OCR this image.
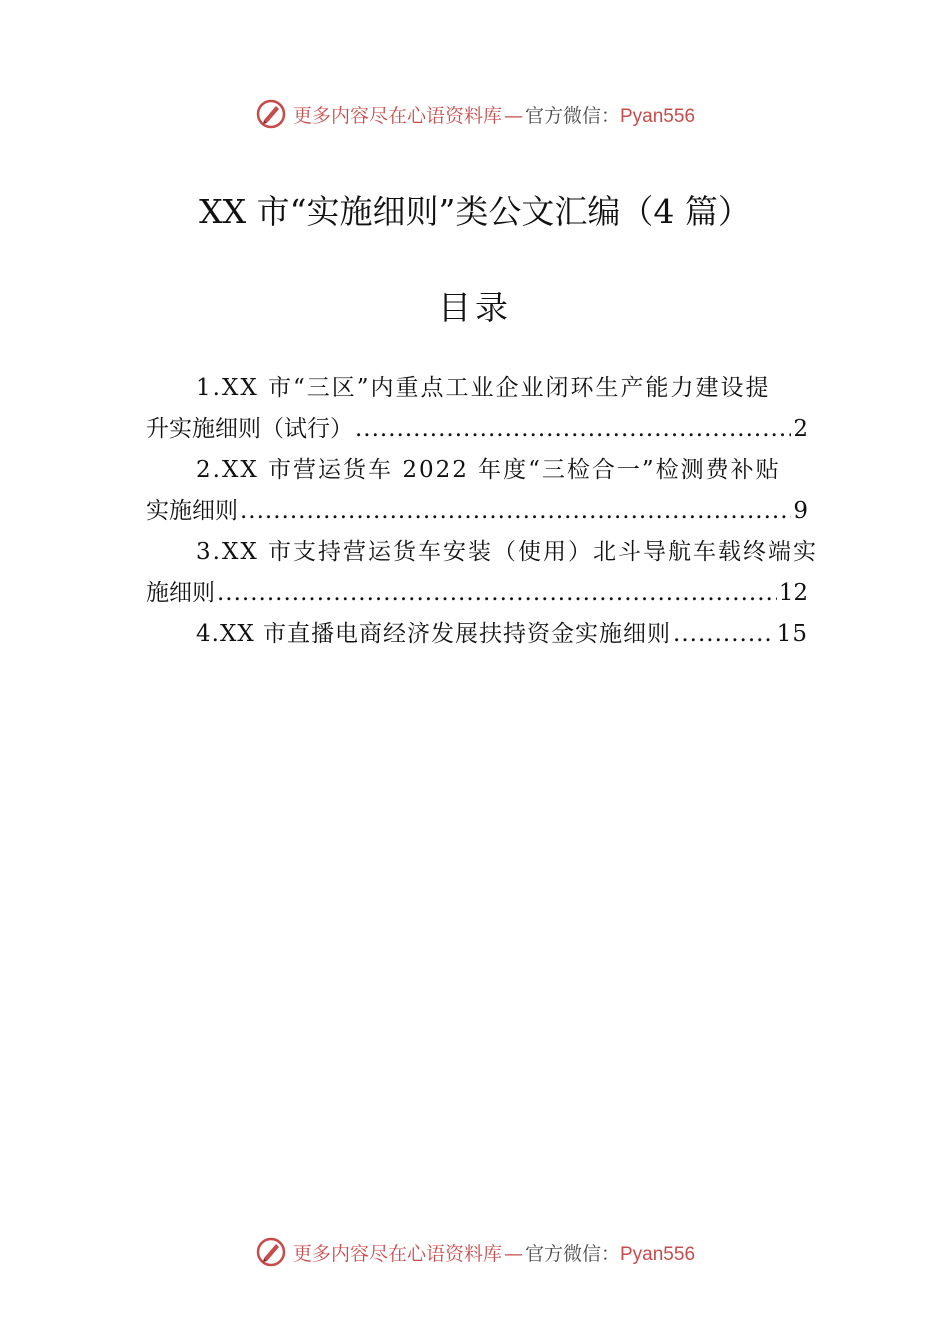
更多内容尽在心语资料库 — 官方微信：Pyan556
XX 市“实施细则”类公文汇编（4 篇）
目录
1.XX 市“三区”内重点工业企业闭环生产能力建设提
升实施细则（试行） .....	2
2.XX 市营运货车 2022 年度“三检合一”检测费补贴
实施细则 .....	9
3.XX 市支持营运货车安装（使用）北斗导航车载终端实
施细则 .....	12
4.XX 市直播电商经济发展扶持资金实施细则 .....	15
更多内容尽在心语资料库 — 官方微信：Pyan556
